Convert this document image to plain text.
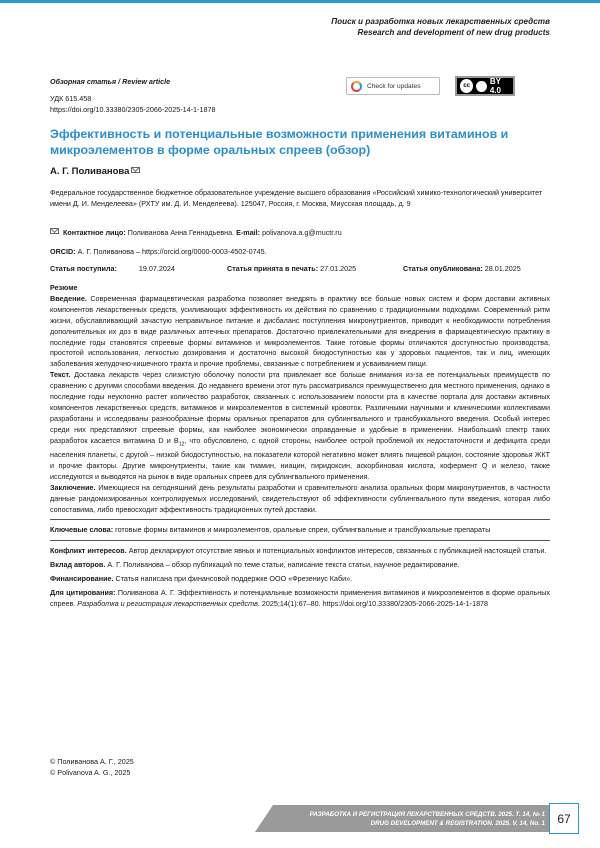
Поиск и разработка новых лекарственных средств
Research and development of new drug products
Обзорная статья / Review article
УДК 615.458
https://doi.org/10.33380/2305-2066-2025-14-1-1878
Check for updates	cc	BY 4.0
Эффективность и потенциальные возможности применения витаминов и микроэлементов в форме оральных спреев (обзор)
А. Г. Поливанова
Федеральное государственное бюджетное образовательное учреждение высшего образования «Российский химико-технологический университет имени Д. И. Менделеева» (РХТУ им. Д. И. Менделеева). 125047, Россия, г. Москва, Миусская площадь, д. 9
Контактное лицо: Поливанова Анна Геннадьевна. E-mail: polivanova.a.g@muctr.ru
ORCID: А. Г. Поливанова – https://orcid.org/0000-0003-4502-0745.
Статья поступила:	19.07.2024	Статья принята в печать: 27.01.2025	Статья опубликована: 28.01.2025
Резюме

Введение. Современная фармацевтическая разработка позволяет внедрять в практику все больше новых систем и форм доставки активных компонентов лекарственных средств, усиливающих эффективность их действия по сравнению с традиционными подходами. Современный ритм жизни, обуславливающий зачастую неправильное питание и дисбаланс поступления микронутриентов, приводит к необходимости потребления дополнительных их доз в виде различных аптечных препаратов. Достаточно привлекательными для внедрения в фармацевтическую практику в последние годы становятся спреевые формы витаминов и микроэлементов. Такие готовые формы отличаются доступностью производства, простотой использования, легкостью дозирования и достаточно высокой биодоступностью как у здоровых пациентов, так и лиц, имеющих заболевания желудочно-кишечного тракта и прочие проблемы, связанные с потреблением и усваиванием пищи.

Текст. Доставка лекарств через слизистую оболочку полости рта привлекает все больше внимания из-за ее потенциальных преимуществ по сравнению с другими способами введения. До недавнего времени этот путь рассматривался преимущественно для местного применения, однако в последние годы неуклонно растет количество разработок, связанных с использованием полости рта в качестве портала для доставки активных компонентов лекарственных средств, витаминов и микроэлементов в системный кровоток. Различными научными и клиническими коллективами разработаны и исследованы разнообразные формы оральных препаратов для сублингвального и трансбуккального введения. Особый интерес среди них представляют спреевые формы, как наиболее экономически оправданные и удобные в применении. Наибольший спектр таких разработок касается витамина D и $B_{12}$, что обусловлено, с одной стороны, наиболее острой проблемой их недостаточности и дефицита среди населения планеты, с другой – низкой биодоступностью, на показатели которой негативно может влиять пищевой рацион, состояние здоровья ЖКТ и прочие факторы. Другие микронутриенты, такие как тиамин, ниацин, пиридоксин, аскорбиновая кислота, кофермент Q и железо, также исследуются и выводятся на рынок в виде оральных спреев для сублингвального применения.

Заключение. Имеющиеся на сегодняшний день результаты разработки и сравнительного анализа оральных форм микронутриентов, в частности данные рандомизированных контролируемых исследований, свидетельствуют об эффективности сублингвального пути введения, которая либо сопоставима, либо превосходит эффективность традиционных путей доставки.

Ключевые слова: готовые формы витаминов и микроэлементов, оральные спреи, сублингвальные и трансбуккальные препараты

Конфликт интересов. Автор декларируют отсутствие явных и потенциальных конфликтов интересов, связанных с публикацией настоящей статьи.

Вклад авторов. А. Г. Поливанова – обзор публикаций по теме статьи, написание текста статьи, научное редактирование.

Финансирование. Статья написана при финансовой поддержке ООО «Фрезениус Каби».

Для цитирования: Поливанова А. Г. Эффективность и потенциальные возможности применения витаминов и микроэлементов в форме оральных спреев. Разработка и регистрация лекарственных средств. 2025;14(1):67–80. https://doi.org/10.33380/2305-2066-2025-14-1-1878

© Поливанова А. Г., 2025
© Polivanova A. G., 2025
РАЗРАБОТКА И РЕГИСТРАЦИЯ ЛЕКАРСТВЕННЫХ СРЕДСТВ. 2025. Т. 14, № 1
DRUG DEVELOPMENT & REGISTRATION. 2025. V. 14, No. 1	67
